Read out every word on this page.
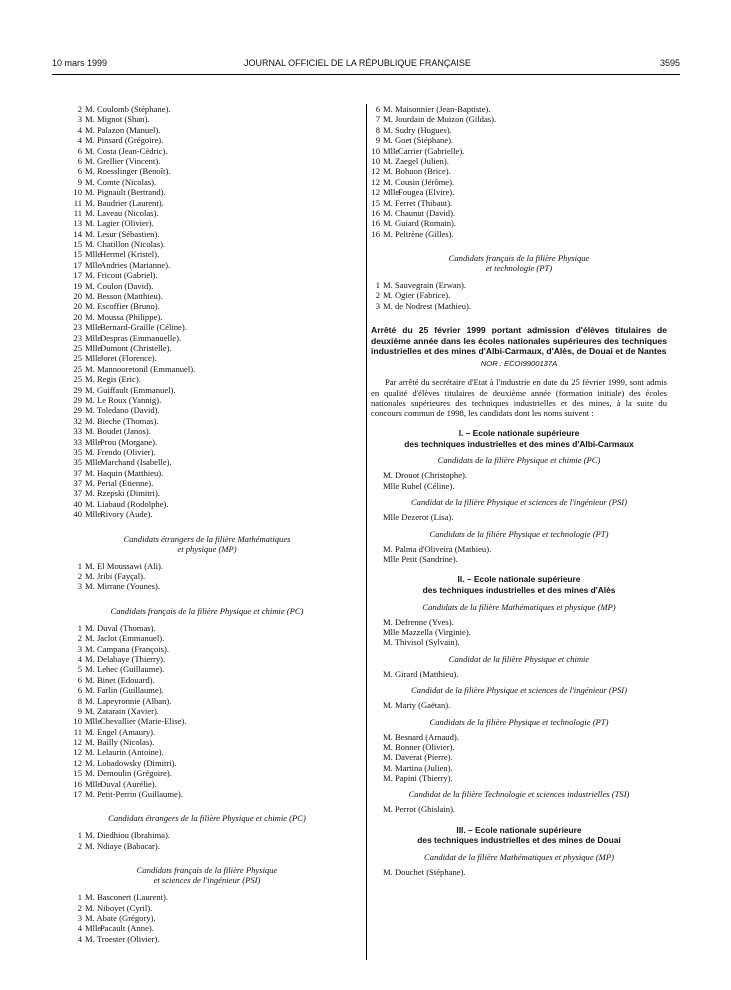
10 mars 1999	JOURNAL OFFICIEL DE LA RÉPUBLIQUE FRANÇAISE	3595
2 M. Coulomb (Stéphane).
3 M. Mignot (Shan).
4 M. Palazon (Manuel).
4 M. Pinsard (Grégoire).
6 M. Costa (Jean-Cédric).
6 M. Grellier (Vincent).
6 M. Roesslinger (Benoît).
9 M. Comte (Nicolas).
10 M. Pignault (Bertrand).
11 M. Baudrier (Laurent).
11 M. Laveau (Nicolas).
13 M. Lagier (Olivier).
14 M. Lesur (Sébastien).
15 M. Chatillon (Nicolas).
15 Mlle
Hermel (Kristel).
17 Mlle
Andries (Marianne).
17 M. Fricout (Gabriel).
19 M. Coulon (David).
20 M. Besson (Matthieu).
20 M. Escoffier (Bruno).
20 M. Moussa (Philippe).
23 Mlle
Bernard-Graille (Céline).
23 Mlle
Despras (Emmanuelle).
25 Mlle
Dumont (Christelle).
25 Mlle
Joret (Florence).
25 M. Mannooretonil (Emmanuel).
25 M. Regis (Eric).
29 M. Guiffault (Emmanuel).
29 M. Le Roux (Yannig).
29 M. Toledano (David).
32 M. Bieche (Thomas).
33 M. Boudet (Janos).
33 Mlle
Prou (Morgane).
35 M. Frendo (Olivier).
35 Mlle
Marchand (Isabelle).
37 M. Haquin (Matthieu).
37 M. Perial (Etienne).
37 M. Rzepski (Dimitri).
40 M. Liabaud (Rodolphe).
40 Mlle
Rivory (Aude).
Candidats étrangers de la filière Mathématiques
et physique (MP)
1 M. El Moussawi (Ali).
2 M. Jribi (Fayçal).
3 M. Mirrane (Younes).
Candidats français de la filière Physique et chimie (PC)
1 M. Duval (Thomas).
2 M. Jaclot (Emmanuel).
3 M. Campana (François).
4 M. Delabaye (Thierry).
5 M. Lehec (Guillaume).
6 M. Binet (Edouard).
6 M. Farlin (Guillaume).
8 M. Lapeyronnie (Alban).
9 M. Zatarain (Xavier).
10 Mlle
Chevallier (Marie-Elise).
11 M. Engel (Amaury).
12 M. Bailly (Nicolas).
12 M. Lelaurin (Antoine).
12 M. Lobadowsky (Dimitri).
15 M. Demoulin (Grégoire).
16 Mlle
Duval (Aurélie).
17 M. Petit-Perrin (Guillaume).
Candidats étrangers de la filière Physique et chimie (PC)
1 M. Diedhiou (Ibrahima).
2 M. Ndiaye (Babacar).
Candidats français de la filière Physique
et sciences de l'ingénieur (PSI)
1 M. Basconert (Laurent).
2 M. Niboyet (Cyril).
3 M. Abate (Grégory).
4 Mlle
Pacault (Anne).
4 M. Troester (Olivier).
6 M. Maisonnier (Jean-Baptiste).
7 M. Jourdain de Muizon (Gildas).
8 M. Sudry (Hugues).
9 M. Goet (Stéphane).
10 Mlle
Carrier (Gabrielle).
10 M. Zaegel (Julien).
12 M. Bohuon (Brice).
12 M. Cousin (Jérôme).
12 Mlle
Fougea (Elvire).
15 M. Ferret (Thibaut).
16 M. Chaunut (David).
16 M. Guiard (Romain).
16 M. Peltrène (Gilles).
Candidats français de la filière Physique
et technologie (PT)
1 M. Sauvegrain (Erwan).
2 M. Ogier (Fabrice).
3 M. de Nodrest (Mathieu).
Arrêté du 25 février 1999 portant admission d'élèves titulaires de deuxième année dans les écoles nationales supérieures des techniques industrielles et des mines d'Albi-Carmaux, d'Alès, de Douai et de Nantes
NOR : ECOI9900137A
Par arrêté du secrétaire d'Etat à l'industrie en date du 25 février 1999, sont admis en qualité d'élèves titulaires de deuxième année (formation initiale) des écoles nationales supérieures des techniques industrielles et des mines, à la suite du concours commun de 1998, les candidats dont les noms suivent :
I. – Ecole nationale supérieure
des techniques industrielles et des mines d'Albi-Carmaux
Candidats de la filière Physique et chimie (PC)
M. Drouot (Christophe).
Mlle Rubel (Céline).
Candidat de la filière Physique et sciences de l'ingénieur (PSI)
Mlle Dezerot (Lisa).
Candidats de la filière Physique et technologie (PT)
M. Palma d'Oliveira (Mathieu).
Mlle Petit (Sandrine).
II. – Ecole nationale supérieure
des techniques industrielles et des mines d'Alès
Candidats de la filière Mathématiques et physique (MP)
M. Defrenne (Yves).
Mlle Mazzella (Virginie).
M. Thivisol (Sylvain).
Candidat de la filière Physique et chimie
M. Girard (Matthieu).
Candidat de la filière Physique et sciences de l'ingénieur (PSI)
M. Marty (Gaëtan).
Candidats de la filière Physique et technologie (PT)
M. Besnard (Arnaud).
M. Bonner (Olivier).
M. Daverat (Pierre).
M. Martina (Julien).
M. Papini (Thierry).
Candidat de la filière Technologie et sciences industrielles (TSI)
M. Perrot (Ghislain).
III. – Ecole nationale supérieure
des techniques industrielles et des mines de Douai
Candidat de la filière Mathématiques et physique (MP)
M. Douchet (Stéphane).
